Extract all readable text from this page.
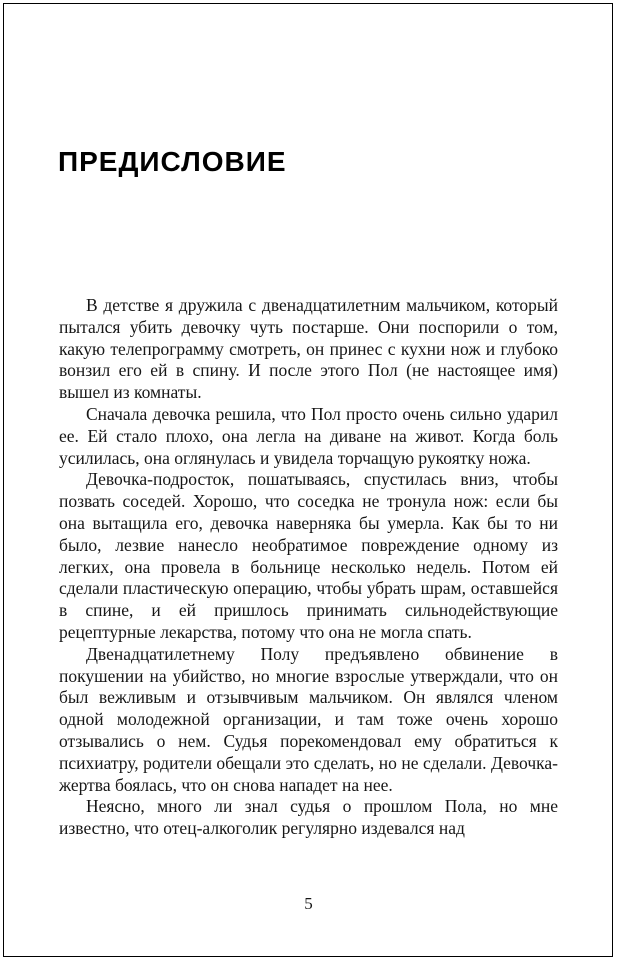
ПРЕДИСЛОВИЕ

В детстве я дружила с двенадцатилетним мальчиком, который пытался убить девочку чуть постарше. Они поспорили о том, какую телепрограмму смотреть, он принес с кухни нож и глубоко вонзил его ей в спину. И после этого Пол (не настоящее имя) вышел из комнаты.

Сначала девочка решила, что Пол просто очень сильно ударил ее. Ей стало плохо, она легла на диване на живот. Когда боль усилилась, она оглянулась и увидела торчащую рукоятку ножа.

Девочка-подросток, пошатываясь, спустилась вниз, чтобы позвать соседей. Хорошо, что соседка не тронула нож: если бы она вытащила его, девочка наверняка бы умерла. Как бы то ни было, лезвие нанесло необратимое повреждение одному из легких, она провела в больнице несколько недель. Потом ей сделали пластическую операцию, чтобы убрать шрам, оставшейся в спине, и ей пришлось принимать сильнодействующие рецептурные лекарства, потому что она не могла спать.

Двенадцатилетнему Полу предъявлено обвинение в покушении на убийство, но многие взрослые утверждали, что он был вежливым и отзывчивым мальчиком. Он являлся членом одной молодежной организации, и там тоже очень хорошо отзывались о нем. Судья порекомендовал ему обратиться к психиатру, родители обещали это сделать, но не сделали. Девочка-жертва боялась, что он снова нападет на нее.

Неясно, много ли знал судья о прошлом Пола, но мне известно, что отец-алкоголик регулярно издевался над

5
